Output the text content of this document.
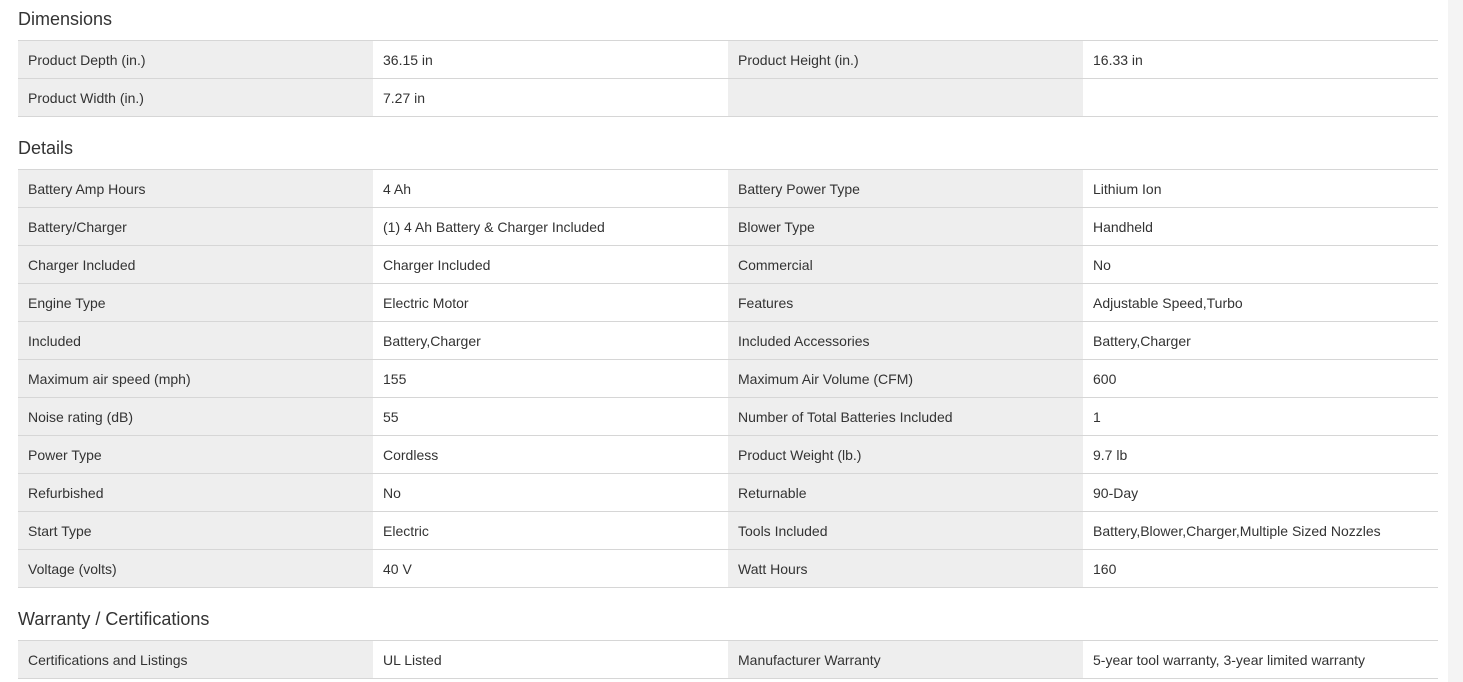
Dimensions
Product Depth (in.)	36.15 in	Product Height (in.)	16.33 in
Product Width (in.)	7.27 in		
Details
Battery Amp Hours	4 Ah	Battery Power Type	Lithium Ion
Battery/Charger	(1) 4 Ah Battery & Charger Included	Blower Type	Handheld
Charger Included	Charger Included	Commercial	No
Engine Type	Electric Motor	Features	Adjustable Speed,Turbo
Included	Battery,Charger	Included Accessories	Battery,Charger
Maximum air speed (mph)	155	Maximum Air Volume (CFM)	600
Noise rating (dB)	55	Number of Total Batteries Included	1
Power Type	Cordless	Product Weight (lb.)	9.7 lb
Refurbished	No	Returnable	90-Day
Start Type	Electric	Tools Included	Battery,Blower,Charger,Multiple Sized Nozzles
Voltage (volts)	40 V	Watt Hours	160
Warranty / Certifications
Certifications and Listings	UL Listed	Manufacturer Warranty	5-year tool warranty, 3-year limited warranty
